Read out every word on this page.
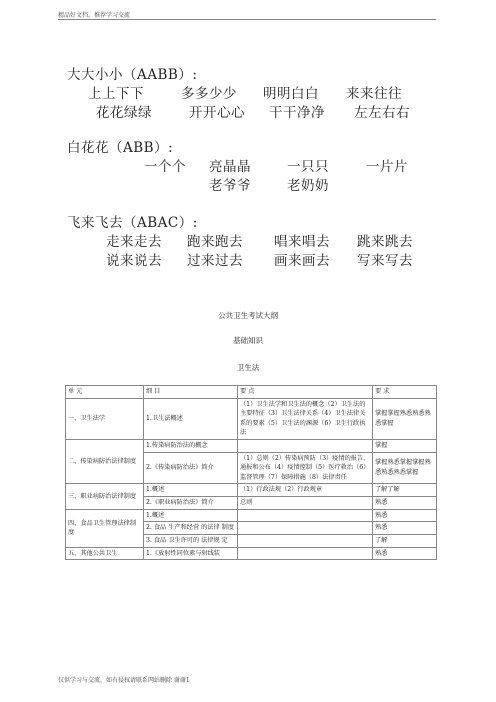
精品好文档，推荐学习交流
大大小小（AABB）:
上上下下	多多少少 明明白白 来来往往
花花绿绿	开开心心 干干净净 左左右右
白花花（ABB）:
一个个 亮晶晶	一只只	一片片
老爷爷	老奶奶
飞来飞去（ABAC）:
走来走去 跑来跑去 唱来唱去 跳来跳去
说来说去 过来过去 画来画去 写来写去
公共卫生考试大纲
基础知识
卫生法
单 元	细 目	要 点	要 求
一、卫生法学	1.卫生法概述	（1）卫生法学和卫生法的概念（2）卫生法的主要特征（3）卫生法律关系（4）卫生法律关系的要素（5）卫生法的渊源（6）卫生行政执法	掌握掌握熟悉熟悉熟悉掌握
二、传染病防治法律制度	1.传染病防治法的概念		掌握
	2.《传染病防治法》简介	（1）总则（2）传染病预防（3）疫情的报告、通报和公布（4）疫情控制（5）医疗救治（6）监督管理（7）保障措施（8）法律责任	掌握熟悉掌握掌握熟悉熟悉熟悉掌握
三、职业病防治法律制度	1.概述	（1）行政法规（2）行政规章	了解了解
	2.《职业病防治法》简介	总则	熟悉
四、食品卫生管理法律制度	1.概述		熟悉
	2. 食品 生产和经营 的法律 制度		熟悉
	3. 食品 卫生许可的 法律规 定		了解
五、其他公共卫生	1.《放射性同位素与射线装		熟悉
仅供学习与交流，如有侵权请联系网站删除 谢谢1
